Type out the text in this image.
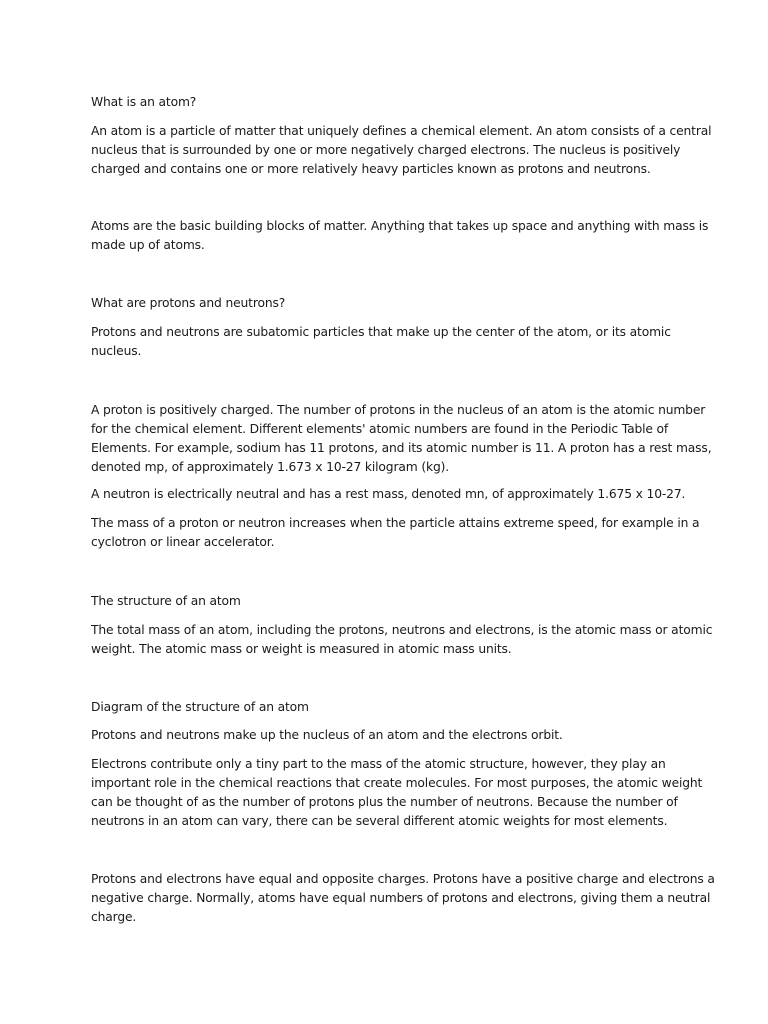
What is an atom?

An atom is a particle of matter that uniquely defines a chemical element. An atom consists of a central
nucleus that is surrounded by one or more negatively charged electrons. The nucleus is positively
charged and contains one or more relatively heavy particles known as protons and neutrons.

Atoms are the basic building blocks of matter. Anything that takes up space and anything with mass is
made up of atoms.

What are protons and neutrons?

Protons and neutrons are subatomic particles that make up the center of the atom, or its atomic
nucleus.

A proton is positively charged. The number of protons in the nucleus of an atom is the atomic number
for the chemical element. Different elements' atomic numbers are found in the Periodic Table of
Elements. For example, sodium has 11 protons, and its atomic number is 11. A proton has a rest mass,
denoted mp, of approximately 1.673 x 10-27 kilogram (kg).

A neutron is electrically neutral and has a rest mass, denoted mn, of approximately 1.675 x 10-27.

The mass of a proton or neutron increases when the particle attains extreme speed, for example in a
cyclotron or linear accelerator.

The structure of an atom

The total mass of an atom, including the protons, neutrons and electrons, is the atomic mass or atomic
weight. The atomic mass or weight is measured in atomic mass units.

Diagram of the structure of an atom

Protons and neutrons make up the nucleus of an atom and the electrons orbit.

Electrons contribute only a tiny part to the mass of the atomic structure, however, they play an
important role in the chemical reactions that create molecules. For most purposes, the atomic weight
can be thought of as the number of protons plus the number of neutrons. Because the number of
neutrons in an atom can vary, there can be several different atomic weights for most elements.

Protons and electrons have equal and opposite charges. Protons have a positive charge and electrons a
negative charge. Normally, atoms have equal numbers of protons and electrons, giving them a neutral
charge.
